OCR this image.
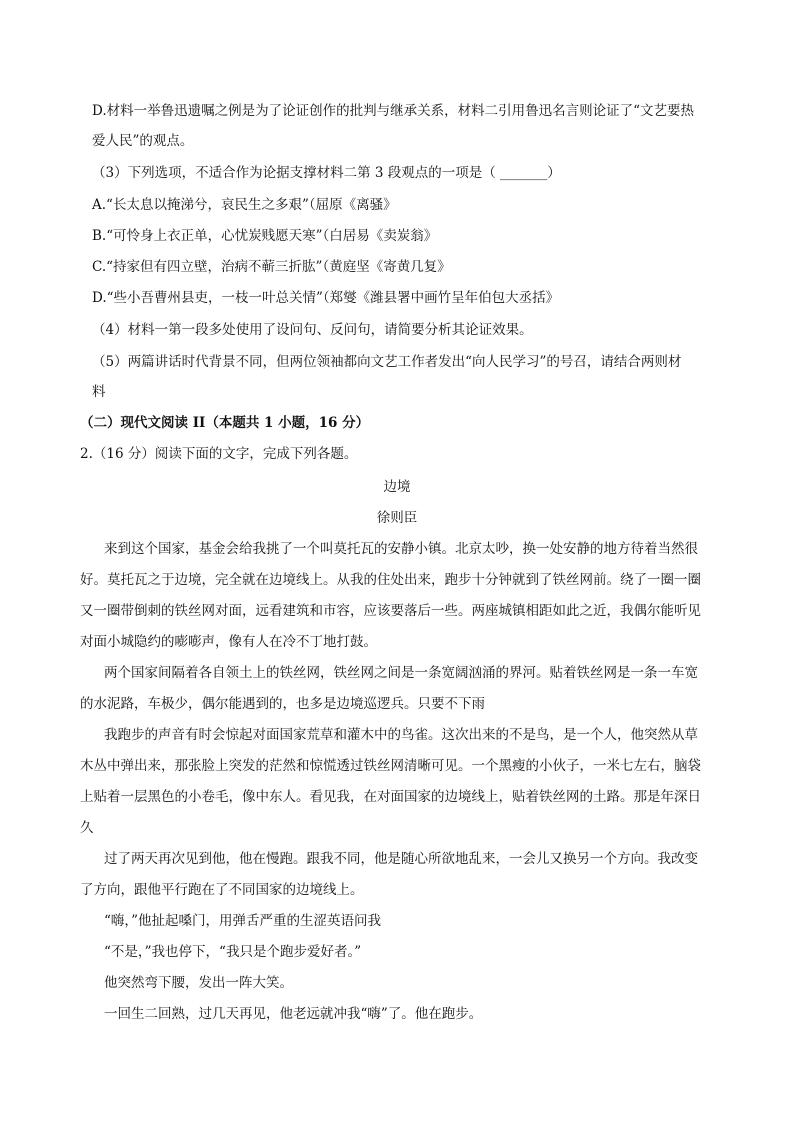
D.材料一举鲁迅遗嘱之例是为了论证创作的批判与继承关系，材料二引用鲁迅名言则论证了“文艺要热
爱人民”的观点。
（3）下列选项，不适合作为论据支撑材料二第 3 段观点的一项是（ _______）
A.“长太息以掩涕兮，哀民生之多艰”（屈原《离骚》
B.“可怜身上衣正单，心忧炭贱愿天寒”（白居易《卖炭翁》
C.“持家但有四立壁，治病不蕲三折肱”（黄庭坚《寄黄几复》
D.“些小吾曹州县吏，一枝一叶总关情”（郑燮《潍县署中画竹呈年伯包大丞括》
（4）材料一第一段多处使用了设问句、反问句，请简要分析其论证效果。
（5）两篇讲话时代背景不同，但两位领袖都向文艺工作者发出“向人民学习”的号召，请结合两则材
料
（二）现代文阅读 II（本题共 1 小题，16 分）
2.（16 分）阅读下面的文字，完成下列各题。
边境
徐则臣
来到这个国家，基金会给我挑了一个叫莫托瓦的安静小镇。北京太吵，换一处安静的地方待着当然很
好。莫托瓦之于边境，完全就在边境线上。从我的住处出来，跑步十分钟就到了铁丝网前。绕了一圈一圈
又一圈带倒刺的铁丝网对面，远看建筑和市容，应该要落后一些。两座城镇相距如此之近，我偶尔能听见
对面小城隐约的嘭嘭声，像有人在冷不丁地打鼓。
两个国家间隔着各自领土上的铁丝网，铁丝网之间是一条宽阔汹涌的界河。贴着铁丝网是一条一车宽
的水泥路，车极少，偶尔能遇到的，也多是边境巡逻兵。只要不下雨
我跑步的声音有时会惊起对面国家荒草和灌木中的鸟雀。这次出来的不是鸟，是一个人，他突然从草
木丛中弹出来，那张脸上突发的茫然和惊慌透过铁丝网清晰可见。一个黑瘦的小伙子，一米七左右，脑袋
上贴着一层黑色的小卷毛，像中东人。看见我，在对面国家的边境线上，贴着铁丝网的土路。那是年深日
久
过了两天再次见到他，他在慢跑。跟我不同，他是随心所欲地乱来，一会儿又换另一个方向。我改变
了方向，跟他平行跑在了不同国家的边境线上。
“嗨，”他扯起嗓门，用弹舌严重的生涩英语问我
“不是，”我也停下，“我只是个跑步爱好者。”
他突然弯下腰，发出一阵大笑。
一回生二回熟，过几天再见，他老远就冲我“嗨”了。他在跑步。
